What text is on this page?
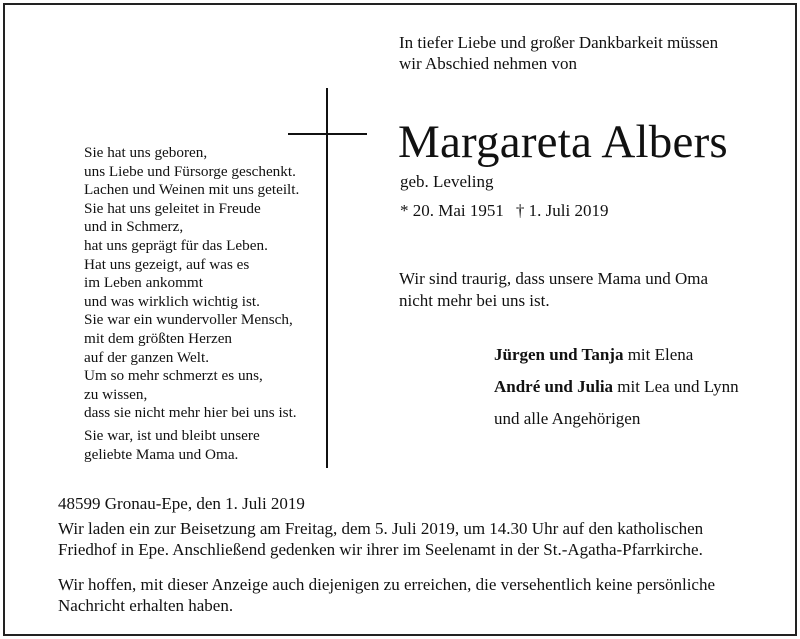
In tiefer Liebe und großer Dankbarkeit müssen
wir Abschied nehmen von
Margareta Albers
geb. Leveling
* 20. Mai 1951 † 1. Juli 2019
Wir sind traurig, dass unsere Mama und Oma
nicht mehr bei uns ist.
Jürgen und Tanja mit Elena
André und Julia mit Lea und Lynn
und alle Angehörigen
Sie hat uns geboren,
uns Liebe und Fürsorge geschenkt.
Lachen und Weinen mit uns geteilt.
Sie hat uns geleitet in Freude
und in Schmerz,
hat uns geprägt für das Leben.
Hat uns gezeigt, auf was es
im Leben ankommt
und was wirklich wichtig ist.
Sie war ein wundervoller Mensch,
mit dem größten Herzen
auf der ganzen Welt.
Um so mehr schmerzt es uns,
zu wissen,
dass sie nicht mehr hier bei uns ist.
Sie war, ist und bleibt unsere
geliebte Mama und Oma.
48599 Gronau-Epe, den 1. Juli 2019
Wir laden ein zur Beisetzung am Freitag, dem 5. Juli 2019, um 14.30 Uhr auf den katholischen
Friedhof in Epe. Anschließend gedenken wir ihrer im Seelenamt in der St.-Agatha-Pfarrkirche.
Wir hoffen, mit dieser Anzeige auch diejenigen zu erreichen, die versehentlich keine persönliche
Nachricht erhalten haben.
